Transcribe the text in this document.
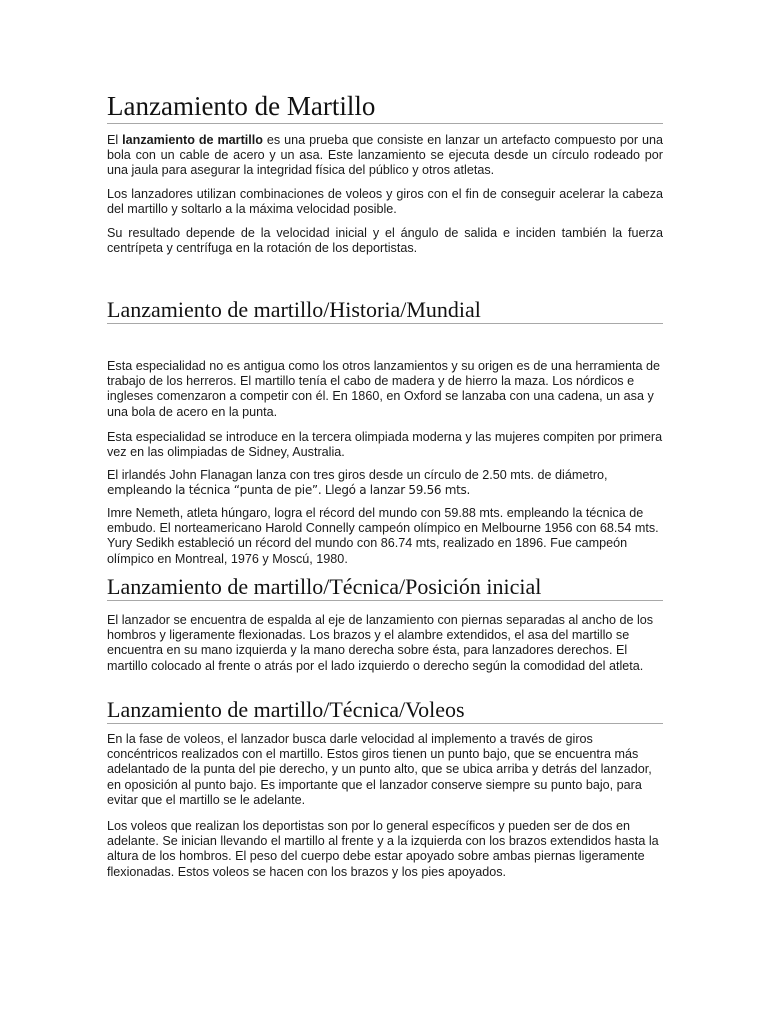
Lanzamiento de Martillo

El lanzamiento de martillo es una prueba que consiste en lanzar un artefacto compuesto por una bola con un cable de acero y un asa. Este lanzamiento se ejecuta desde un círculo rodeado por una jaula para asegurar la integridad física del público y otros atletas.

Los lanzadores utilizan combinaciones de voleos y giros con el fin de conseguir acelerar la cabeza del martillo y soltarlo a la máxima velocidad posible.

Su resultado depende de la velocidad inicial y el ángulo de salida e inciden también la fuerza centrípeta y centrífuga en la rotación de los deportistas.

Lanzamiento de martillo/Historia/Mundial

Esta especialidad no es antigua como los otros lanzamientos y su origen es de una herramienta de trabajo de los herreros. El martillo tenía el cabo de madera y de hierro la maza. Los nórdicos e ingleses comenzaron a competir con él. En 1860, en Oxford se lanzaba con una cadena, un asa y una bola de acero en la punta.

Esta especialidad se introduce en la tercera olimpiada moderna y las mujeres compiten por primera vez en las olimpiadas de Sidney, Australia.

El irlandés John Flanagan lanza con tres giros desde un círculo de 2.50 mts. de diámetro,
empleando la técnica “punta de pie”. Llegó a lanzar 59.56 mts.

Imre Nemeth, atleta húngaro, logra el récord del mundo con 59.88 mts. empleando la técnica de embudo. El norteamericano Harold Connelly campeón olímpico en Melbourne 1956 con 68.54 mts. Yury Sedikh estableció un récord del mundo con 86.74 mts, realizado en 1896. Fue campeón olímpico en Montreal, 1976 y Moscú, 1980.

Lanzamiento de martillo/Técnica/Posición inicial

El lanzador se encuentra de espalda al eje de lanzamiento con piernas separadas al ancho de los hombros y ligeramente flexionadas. Los brazos y el alambre extendidos, el asa del martillo se encuentra en su mano izquierda y la mano derecha sobre ésta, para lanzadores derechos. El martillo colocado al frente o atrás por el lado izquierdo o derecho según la comodidad del atleta.

Lanzamiento de martillo/Técnica/Voleos

En la fase de voleos, el lanzador busca darle velocidad al implemento a través de giros concéntricos realizados con el martillo. Estos giros tienen un punto bajo, que se encuentra más adelantado de la punta del pie derecho, y un punto alto, que se ubica arriba y detrás del lanzador, en oposición al punto bajo. Es importante que el lanzador conserve siempre su punto bajo, para evitar que el martillo se le adelante.

Los voleos que realizan los deportistas son por lo general específicos y pueden ser de dos en adelante. Se inician llevando el martillo al frente y a la izquierda con los brazos extendidos hasta la altura de los hombros. El peso del cuerpo debe estar apoyado sobre ambas piernas ligeramente flexionadas. Estos voleos se hacen con los brazos y los pies apoyados.
